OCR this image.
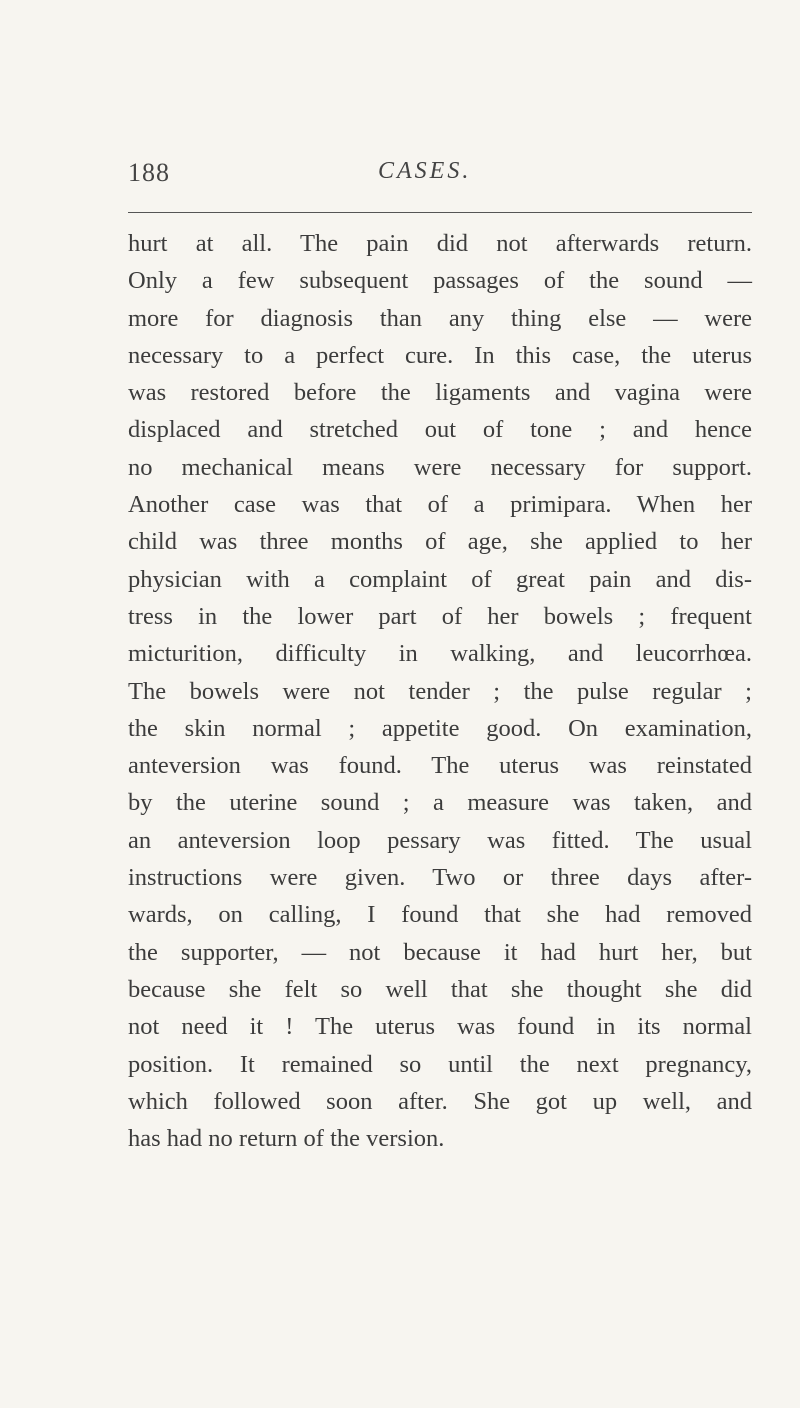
188	CASES.
hurt at all. The pain did not afterwards return.
Only a few subsequent passages of the sound —
more for diagnosis than any thing else — were
necessary to a perfect cure. In this case, the uterus
was restored before the ligaments and vagina were
displaced and stretched out of tone ; and hence
no mechanical means were necessary for support.
Another case was that of a primipara. When her
child was three months of age, she applied to her
physician with a complaint of great pain and dis-
tress in the lower part of her bowels ; frequent
micturition, difficulty in walking, and leucorrhœa.
The bowels were not tender ; the pulse regular ;
the skin normal ; appetite good. On examination,
anteversion was found. The uterus was reinstated
by the uterine sound ; a measure was taken, and
an anteversion loop pessary was fitted. The usual
instructions were given. Two or three days after-
wards, on calling, I found that she had removed
the supporter, — not because it had hurt her, but
because she felt so well that she thought she did
not need it ! The uterus was found in its normal
position. It remained so until the next pregnancy,
which followed soon after. She got up well, and
has had no return of the version.
